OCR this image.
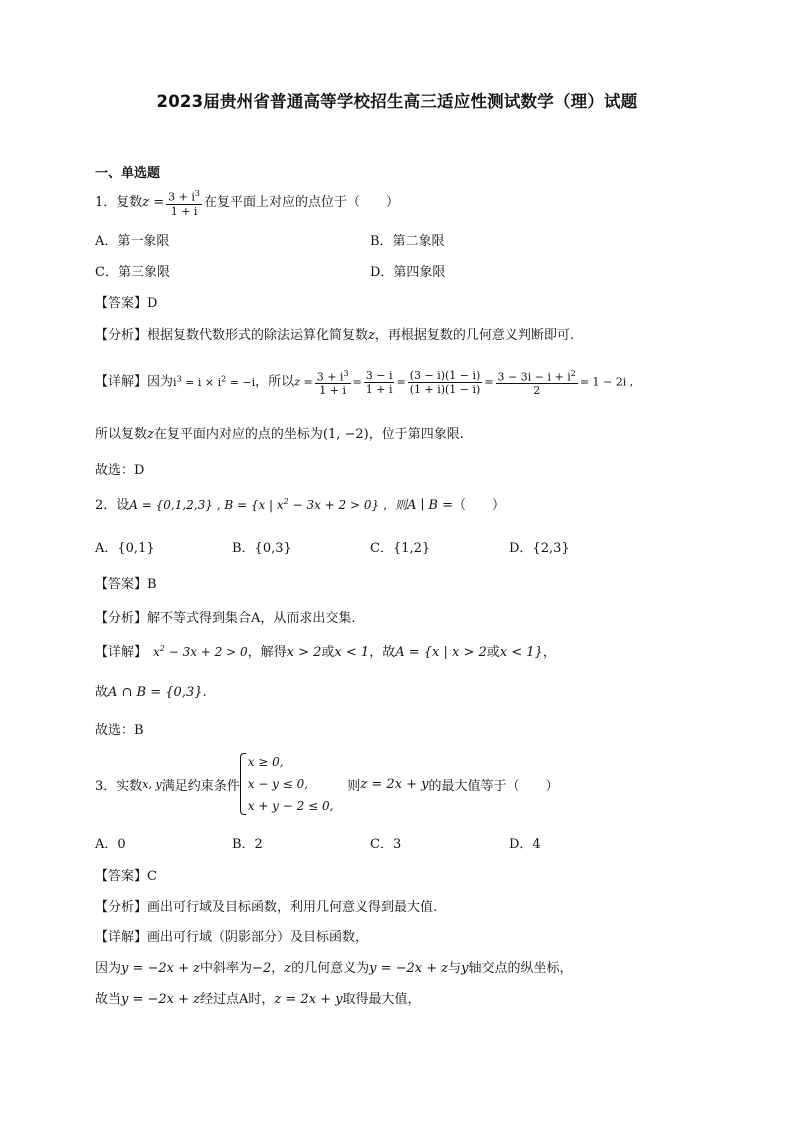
2023届贵州省普通高等学校招生高三适应性测试数学（理）试题
一、单选题
1．复数$z = \frac{3 + i^3}{1 + i}$ 在复平面上对应的点位于（　　）
A．第一象限	B．第二象限
C．第三象限	D．第四象限
【答案】D
【分析】根据复数代数形式的除法运算化简复数z，再根据复数的几何意义判断即可.
【详解】因为$i^3 = i \times i^2 = -i$，所以$z = \frac{3 + i^3}{1 + i} = \frac{3 - i}{1 + i} = \frac{(3 - i)(1 - i)}{(1 + i)(1 - i)} = \frac{3 - 3i - i + i^2}{2} = 1 - 2i$ ,
所以复数z在复平面内对应的点的坐标为(1, −2)，位于第四象限.
故选：D
2．设A = {0,1,2,3} , B = {x | $x^2 - 3x + 2 > 0$} ，则A ∣ B =（　　）
A．{0,1}	B．{0,3}	C．{1,2}	D．{2,3}
【答案】B
【分析】解不等式得到集合A，从而求出交集.
【详解】 $x^2 - 3x + 2 > 0$，解得x > 2或x < 1，故A = {x | x > 2或x < 1}，
故A ∩ B = {0,3}.
故选：B
3．实数 x, y 满足约束条件
x ≥ 0,
x − y ≤ 0,
x + y − 2 ≤ 0,
则 z = 2x + y 的最大值等于（　　）
A．0	B．2	C．3	D．4
【答案】C
【分析】画出可行域及目标函数，利用几何意义得到最大值.
【详解】画出可行域（阴影部分）及目标函数，
因为y = −2x + z中斜率为−2，z的几何意义为y = −2x + z与y轴交点的纵坐标，
故当y = −2x + z经过点A时，z = 2x + y取得最大值，
